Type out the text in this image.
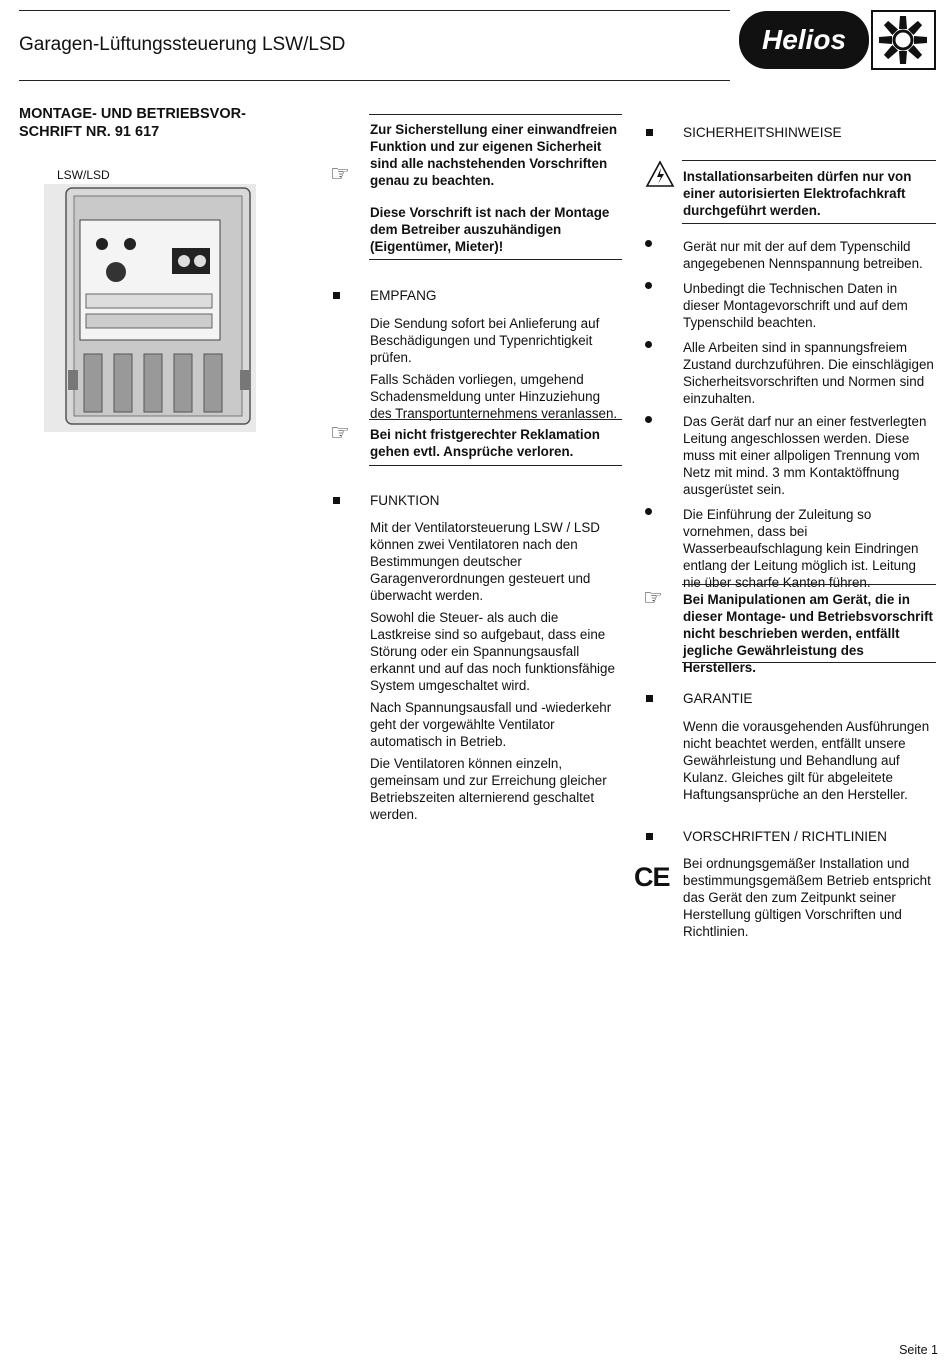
Garagen-Lüftungssteuerung LSW/LSD	Helios
MONTAGE- UND BETRIEBSVOR-
SCHRIFT NR. 91 617
LSW/LSD	☞
Zur Sicherstellung einer einwandfreien Funktion und zur eigenen Sicherheit sind alle nachstehenden Vorschriften genau zu beachten.
Diese Vorschrift ist nach der Montage dem Betreiber auszuhändigen (Eigentümer, Mieter)!
EMPFANG

Die Sendung sofort bei Anlieferung auf Beschädigungen und Typenrichtigkeit prüfen.

Falls Schäden vorliegen, umgehend Schadensmeldung unter Hinzuziehung des Transportunternehmens veranlassen.

☞ Bei nicht fristgerechter Reklamation gehen evtl. Ansprüche verloren.
FUNKTION

Mit der Ventilatorsteuerung LSW / LSD können zwei Ventilatoren nach den Bestimmungen deutscher Garagenverordnungen gesteuert und überwacht werden.

Sowohl die Steuer- als auch die Lastkreise sind so aufgebaut, dass eine Störung oder ein Spannungsausfall erkannt und auf das noch funktionsfähige System umgeschaltet wird.

Nach Spannungsausfall und -wiederkehr geht der vorgewählte Ventilator automatisch in Betrieb.

Die Ventilatoren können einzeln, gemeinsam und zur Erreichung gleicher Betriebszeiten alternierend geschaltet werden.

SICHERHEITSHINWEISE
Installationsarbeiten dürfen nur von einer autorisierten Elektrofachkraft durchgeführt werden.
Gerät nur mit der auf dem Typenschild angegebenen Nennspannung betreiben.
Unbedingt die Technischen Daten in dieser Montagevorschrift und auf dem Typenschild beachten.
Alle Arbeiten sind in spannungsfreiem Zustand durchzuführen. Die einschlägigen Sicherheitsvorschriften und Normen sind einzuhalten.
Das Gerät darf nur an einer festverlegten Leitung angeschlossen werden. Diese muss mit einer allpoligen Trennung vom Netz mit mind. 3 mm Kontaktöffnung ausgerüstet sein.
Die Einführung der Zuleitung so vornehmen, dass bei Wasserbeaufschlagung kein Eindringen entlang der Leitung möglich ist. Leitung nie über scharfe Kanten führen.
☞ Bei Manipulationen am Gerät, die in dieser Montage- und Betriebsvorschrift nicht beschrieben werden, entfällt jegliche Gewährleistung des Herstellers.
GARANTIE
Wenn die vorausgehenden Ausführungen nicht beachtet werden, entfällt unsere Gewährleistung und Behandlung auf Kulanz. Gleiches gilt für abgeleitete Haftungsansprüche an den Hersteller.
VORSCHRIFTEN / RICHTLINIEN
CE Bei ordnungsgemäßer Installation und bestimmungsgemäßem Betrieb entspricht das Gerät den zum Zeitpunkt seiner Herstellung gültigen Vorschriften und Richtlinien.
Seite 1
